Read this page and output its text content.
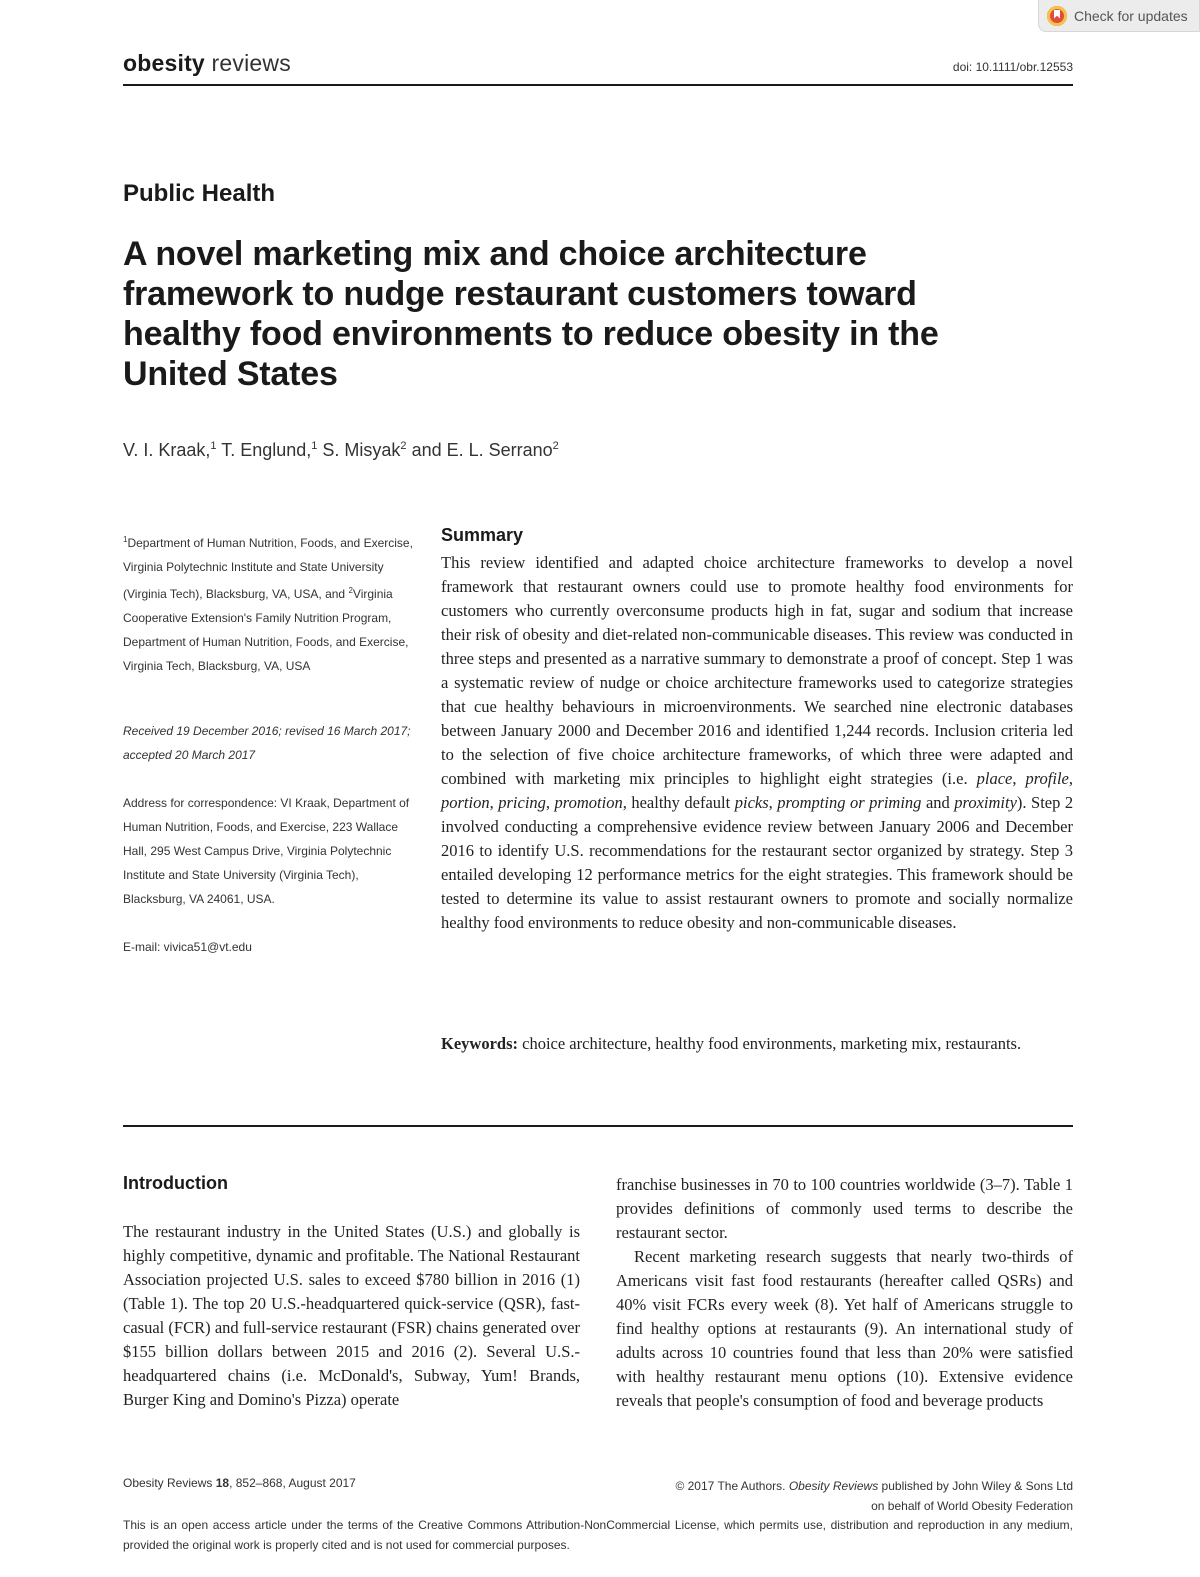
Check for updates
obesity reviews	doi: 10.1111/obr.12553
Public Health
A novel marketing mix and choice architecture framework to nudge restaurant customers toward healthy food environments to reduce obesity in the United States
V. I. Kraak,$^1$ T. Englund,$^1$ S. Misyak$^2$ and E. L. Serrano$^2$
$^1$Department of Human Nutrition, Foods, and Exercise, Virginia Polytechnic Institute and State University (Virginia Tech), Blacksburg, VA, USA, and $^2$Virginia Cooperative Extension's Family Nutrition Program, Department of Human Nutrition, Foods, and Exercise, Virginia Tech, Blacksburg, VA, USA
Received 19 December 2016; revised 16 March 2017; accepted 20 March 2017
Address for correspondence: VI Kraak, Department of Human Nutrition, Foods, and Exercise, 223 Wallace Hall, 295 West Campus Drive, Virginia Polytechnic Institute and State University (Virginia Tech), Blacksburg, VA 24061, USA.
E-mail: vivica51@vt.edu
Summary

This review identified and adapted choice architecture frameworks to develop a novel framework that restaurant owners could use to promote healthy food environments for customers who currently overconsume products high in fat, sugar and sodium that increase their risk of obesity and diet-related non-communicable diseases. This review was conducted in three steps and presented as a narrative summary to demonstrate a proof of concept. Step 1 was a systematic review of nudge or choice architecture frameworks used to categorize strategies that cue healthy behaviours in microenvironments. We searched nine electronic databases between January 2000 and December 2016 and identified 1,244 records. Inclusion criteria led to the selection of five choice architecture frameworks, of which three were adapted and combined with marketing mix principles to highlight eight strategies (i.e. place, profile, portion, pricing, promotion, healthy default picks, prompting or priming and proximity). Step 2 involved conducting a comprehensive evidence review between January 2006 and December 2016 to identify U.S. recommendations for the restaurant sector organized by strategy. Step 3 entailed developing 12 performance metrics for the eight strategies. This framework should be tested to determine its value to assist restaurant owners to promote and socially normalize healthy food environments to reduce obesity and non-communicable diseases.

Keywords: choice architecture, healthy food environments, marketing mix, restaurants.

Introduction

The restaurant industry in the United States (U.S.) and globally is highly competitive, dynamic and profitable. The National Restaurant Association projected U.S. sales to exceed $780 billion in 2016 (1) (Table 1). The top 20 U.S.-headquartered quick-service (QSR), fast-casual (FCR) and full-service restaurant (FSR) chains generated over $155 billion dollars between 2015 and 2016 (2). Several U.S.-headquartered chains (i.e. McDonald's, Subway, Yum! Brands, Burger King and Domino's Pizza) operate

franchise businesses in 70 to 100 countries worldwide (3–7). Table 1 provides definitions of commonly used terms to describe the restaurant sector.

Recent marketing research suggests that nearly two-thirds of Americans visit fast food restaurants (hereafter called QSRs) and 40% visit FCRs every week (8). Yet half of Americans struggle to find healthy options at restaurants (9). An international study of adults across 10 countries found that less than 20% were satisfied with healthy restaurant menu options (10). Extensive evidence reveals that people's consumption of food and beverage products

Obesity Reviews 18, 852–868, August 2017	© 2017 The Authors. Obesity Reviews published by John Wiley & Sons Ltd
on behalf of World Obesity Federation

This is an open access article under the terms of the Creative Commons Attribution-NonCommercial License, which permits use, distribution and reproduction in any medium, provided the original work is properly cited and is not used for commercial purposes.
